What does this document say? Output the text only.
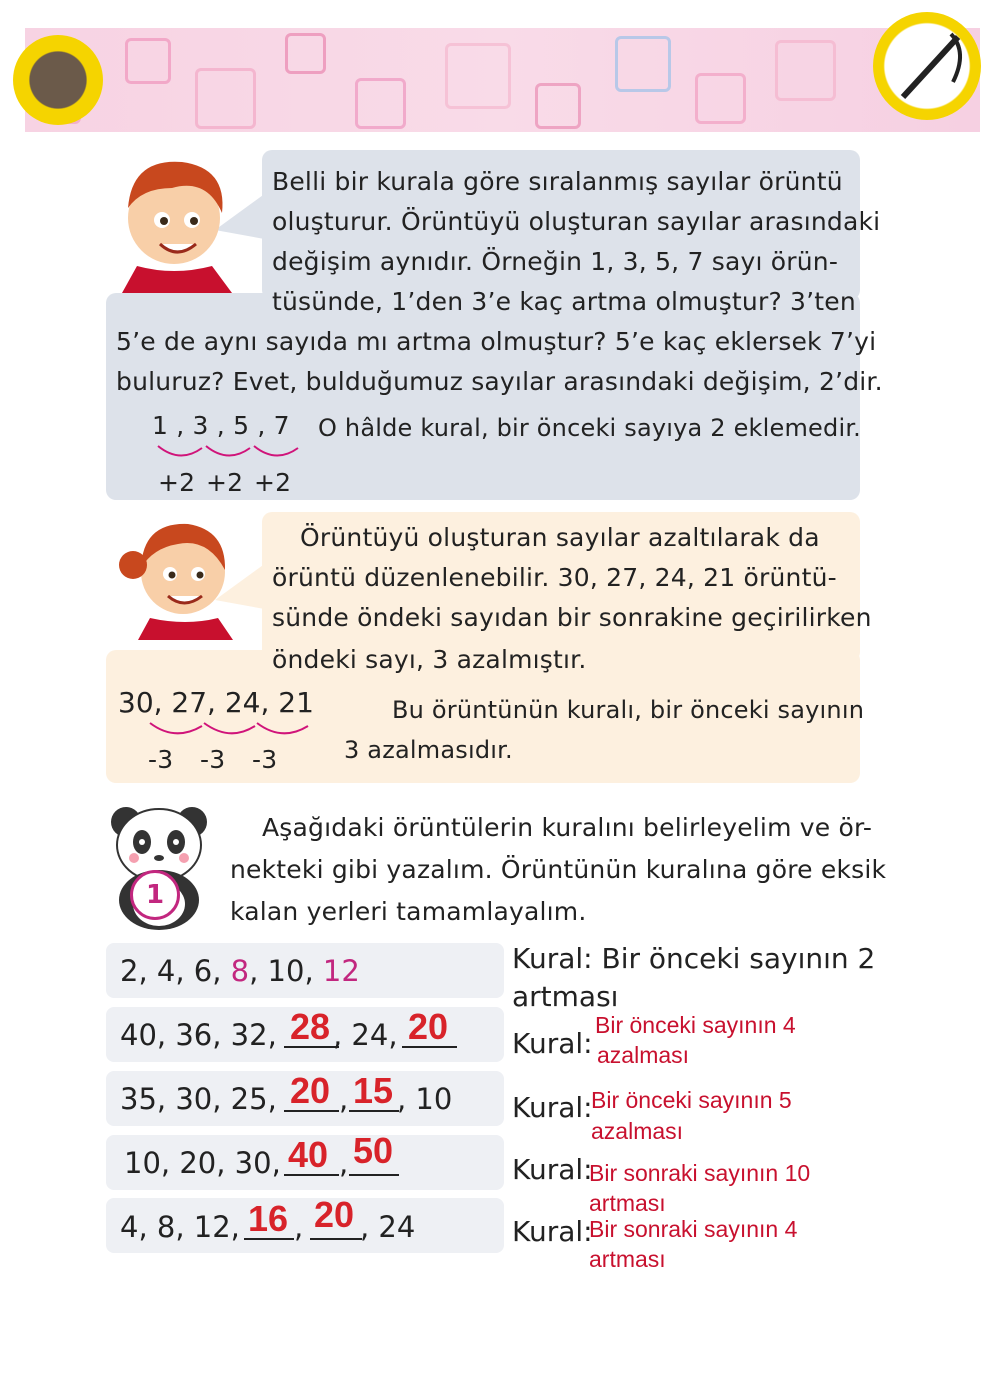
Belli bir kurala göre sıralanmış sayılar örüntü
oluşturur. Örüntüyü oluşturan sayılar arasındaki
değişim aynıdır. Örneğin 1, 3, 5, 7 sayı örün-
tüsünde, 1’den 3’e kaç artma olmuştur? 3’ten
5’e de aynı sayıda mı artma olmuştur? 5’e kaç eklersek 7’yi
buluruz? Evet, bulduğumuz sayılar arasındaki değişim, 2’dir.
1 , 3 , 5 , 7 O hâlde kural, bir önceki sayıya 2 eklemedir.
+2 +2 +2
Örüntüyü oluşturan sayılar azaltılarak da
örüntü düzenlenebilir. 30, 27, 24, 21 örüntü-
sünde öndeki sayıdan bir sonrakine geçirilirken
öndeki sayı, 3 azalmıştır.
30, 27, 24, 21
-3 -3 -3
Bu örüntünün kuralı, bir önceki sayının
3 azalmasıdır.
1
Aşağıdaki örüntülerin kuralını belirleyelim ve ör-
nekteki gibi yazalım. Örüntünün kuralına göre eksik
kalan yerleri tamamlayalım.
2, 4, 6, 8, 10, 12	Kural: Bir önceki sayının 2
artması
40, 36, 32, 28 , 24, 20 Kural:
Bir önceki sayının 4
azalması
35, 30, 25, 20 , 15 , 10 Kural:
Bir önceki sayının 5
azalması
10, 20, 30, 40 , 50	Kural:
Bir sonraki sayının 10
artması
4, 8, 12, 16 , 20 , 24	Kural:
Bir sonraki sayının 4
artması
